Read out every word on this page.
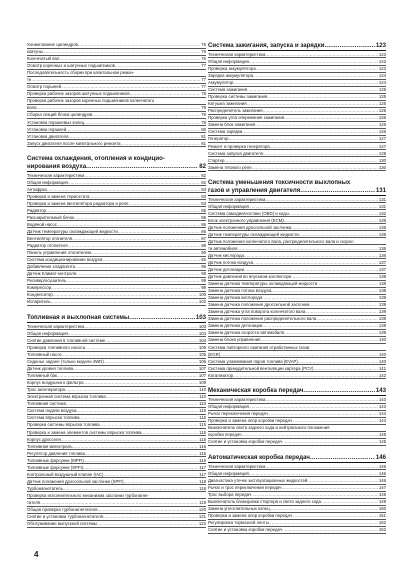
Хонингование цилиндров .....	76
Шатуны .....	76
Коленчатый вал .....	76
Осмотр коренных и шатунных подшипников .....	77
Последовательность сборки при капитальном ремон-
те .....	77
Осмотр поршней .....	77
Проверка рабочих зазоров шатунных подшипников .....	78
Проверка рабочих зазоров коренных подшипников коленчатого
вала .....	79
Сборка секций блока цилиндров .....	79
Установка поршневых колец .....	79
Установка поршней .....	80
Установка двигателя .....	81
Запуск двигателя после капитального ремонта .....	81
Система охлаждения, отопления и кондицио-
нирования воздуха .....	82
Техническая характеристика .....	82
Общая информация .....	82
Антифриз .....	83
Проверка и замена термостата .....	83
Проверка и замена вентилятора радиатора и реле .....	83
Радиатор .....	85
Расширительный бачок .....	85
Водяной насос .....	86
Датчик температуры охлаждающей жидкости .....	86
Вентилятор отопителя .....	87
Радиатор отопителя .....	88
Панель управления отопителем .....	90
Система кондиционирования воздуха .....	92
Добавление хладагента .....	96
Датчик Климат-контроля .....	98
Ресивер/осушитель .....	99
Компрессор .....	99
Конденсатор .....	100
Испаритель .....	102
Топливная и выхлопная системы .....	103
Техническая характеристика .....	103
Общая информация .....	104
Снятие давления в топливной системе .....	104
Проверка топливного насоса .....	105
Топливный насос .....	105
Сиденье заднее (только модели 4WD) .....	106
Датчик уровня топлива .....	107
Топливный бак .....	107
Корпус воздушного фильтра .....	109
Трос акселератора .....	110
Электронная система впрыска топлива .....	110
Топливная система .....	110
Система подачи воздуха .....	115
Система впрыска топлива .....	115
Проверка системы впрыска топлива .....	115
Проверка и замена элементов системы впрыска топлива .....	115
Корпус дросселя .....	115
Топливная магистраль .....	116
Регулятор давления топлива .....	116
Топливные форсунки (MPFI) .....	116
Топливные форсунки (SPFI) .....	117
Контрольный воздушный клапан (IAC) .....	117
Датчик положения дроссельной заслонки (SPFI) .....	118
Турбонагнетатель .....	118
Проверка исполнительного механизма заслонки турбонагне-
тателя .....	119
Общая проверка турбонагнетателя .....	120
Снятие и установка турбонагнетателя .....	121
Обслуживание выпускной системы .....	122
Система зажигания, запуска и зарядки .....	123
Техническая характеристика .....	123
Общая информация .....	123
Проверка аккумулятора .....	123
Зарядка аккумулятора .....	124
Аккумулятор .....	124
Система зажигания .....	125
Проверка системы зажигания .....	125
Катушка зажигания .....	125
Распределитель зажигания .....	125
Проверка угла опережения зажигания .....	126
Замена блок зажигания .....	126
Система зарядки .....	126
Генератор .....	127
Ремонт и проверка генератора .....	127
Система запуска двигателя .....	129
Стартер .....	130
Замена тягового реле .....	130
Система уменьшения токсичности выхлопных
газов и управления двигателя .....	131
Техническая характеристика .....	131
Общая информация .....	131
Система самодиагностики (OBD) и коды .....	132
Блок электронного управления (ECM) .....	135
Датчик положения дроссельной заслонки .....	135
Датчик температуры охлаждающей жидкости .....	135
Датчик положения коленчатого вала, распределительного вала и скорос-
ти автомобиля .....	136
Датчик кислорода .....	136
Датчик потока воздуха .....	137
Датчик детонации .....	137
Датчик давления во впускном коллекторе .....	138
Замена датчика температуры охлаждающей жидкости .....	138
Замена датчика потока воздуха .....	138
Замена датчика кислорода .....	139
Замена датчика положения дроссельной заслонки .....	139
Замена датчика угла поворота коленчатого вала .....	139
Замена датчика положения распределительного вала .....	139
Замена датчика детонации .....	139
Замена датчика скорости автомобиля .....	139
Замена блока управления .....	140
Система повторного сжигания отработанных газов
(EGR) .....	140
Система улавливания паров топлива (EVAP) .....	140
Система принудительной вентиляции картера (PCV) .....	141
Катализатор .....	142
Механическая коробка передач .....	143
Техническая характеристика .....	143
Общая информация .....	143
Рычаг переключения передач .....	144
Проверка и замена опор коробки передач .....	144
Выключатель света заднего хода и нейтрального положения
коробки передач .....	145
Снятие и установка коробки передач .....	145
Автоматическая коробка передач .....	146
Техническая характеристика .....	146
Общая информация .....	146
Диагностика утечек эксплуатационных жидкостей .....	146
Рычаг и трос переключения передач .....	147
Трос выбора передач .....	149
Выключатель блокировки стартера и света заднего хода .....	149
Замена уплотнительных колец .....	150
Проверка и замена опор коробки передач .....	151
Регулировка тормозной ленты .....	152
Снятие и установка коробки передач .....	153
4
